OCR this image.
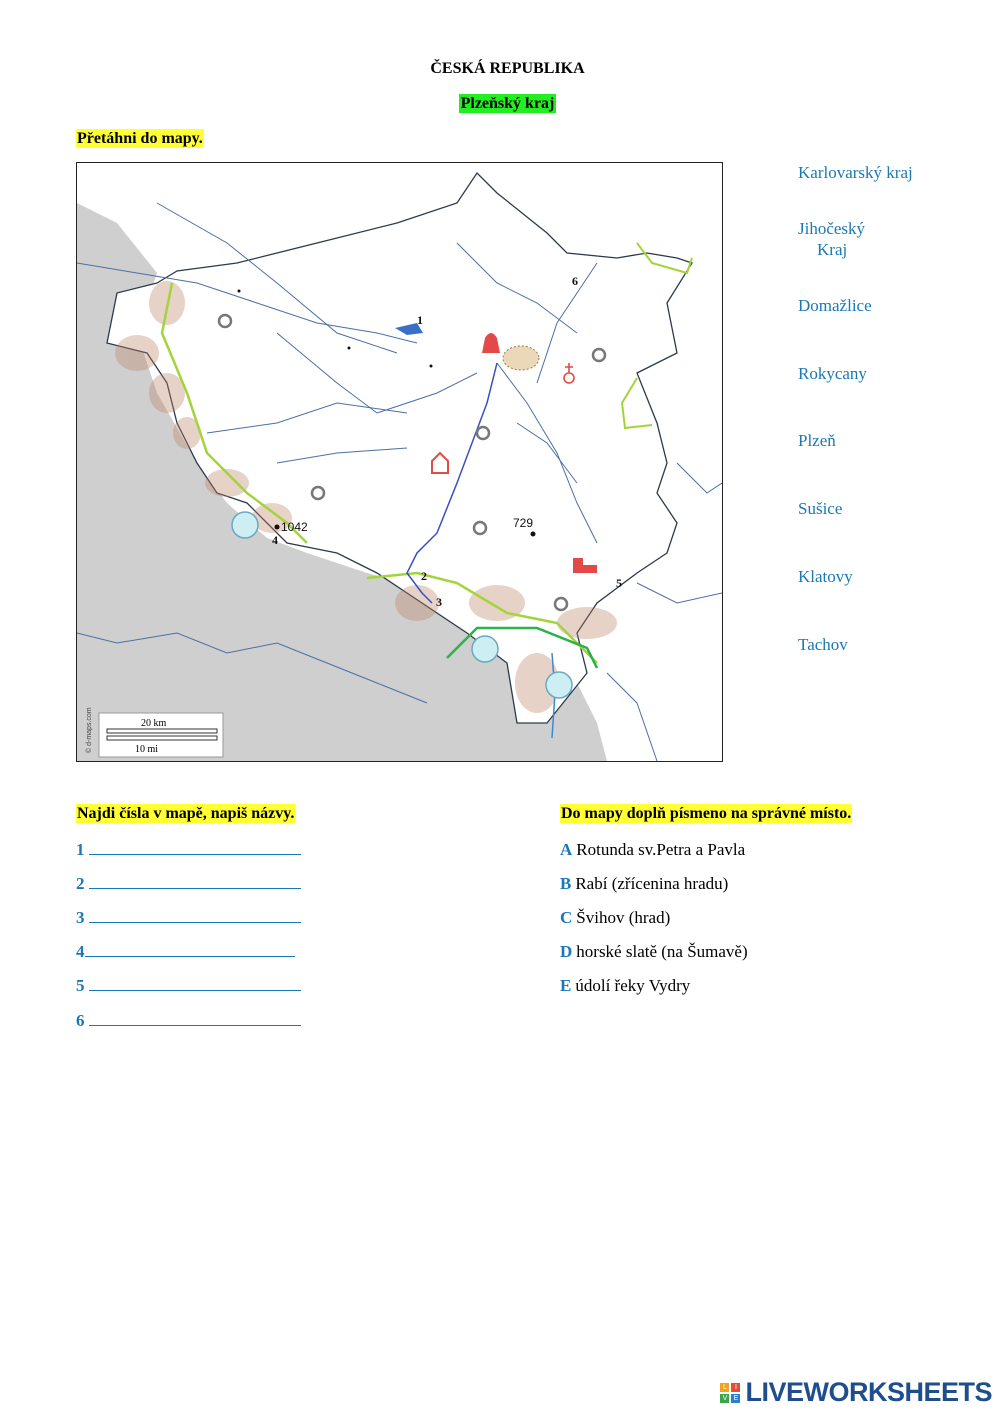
ČESKÁ REPUBLIKA
Plzeňský kraj
Přetáhni do mapy.
1
2
3
4
5
6
1042	729
20 km
10 mi
© d-maps.com
Karlovarský kraj
Jihočeský
Kraj
Domažlice
Rokycany
Plzeň
Sušice
Klatovy
Tachov
Najdi čísla v mapě, napiš názvy.
1
2
3
4
5
6
Do mapy doplň písmeno na správné místo.
A Rotunda sv.Petra a Pavla
B Rabí (zřícenina hradu)
C Švihov (hrad)
D horské slatě (na Šumavě)
E údolí řeky Vydry
L	I
V E LIVEWORKSHEETS
